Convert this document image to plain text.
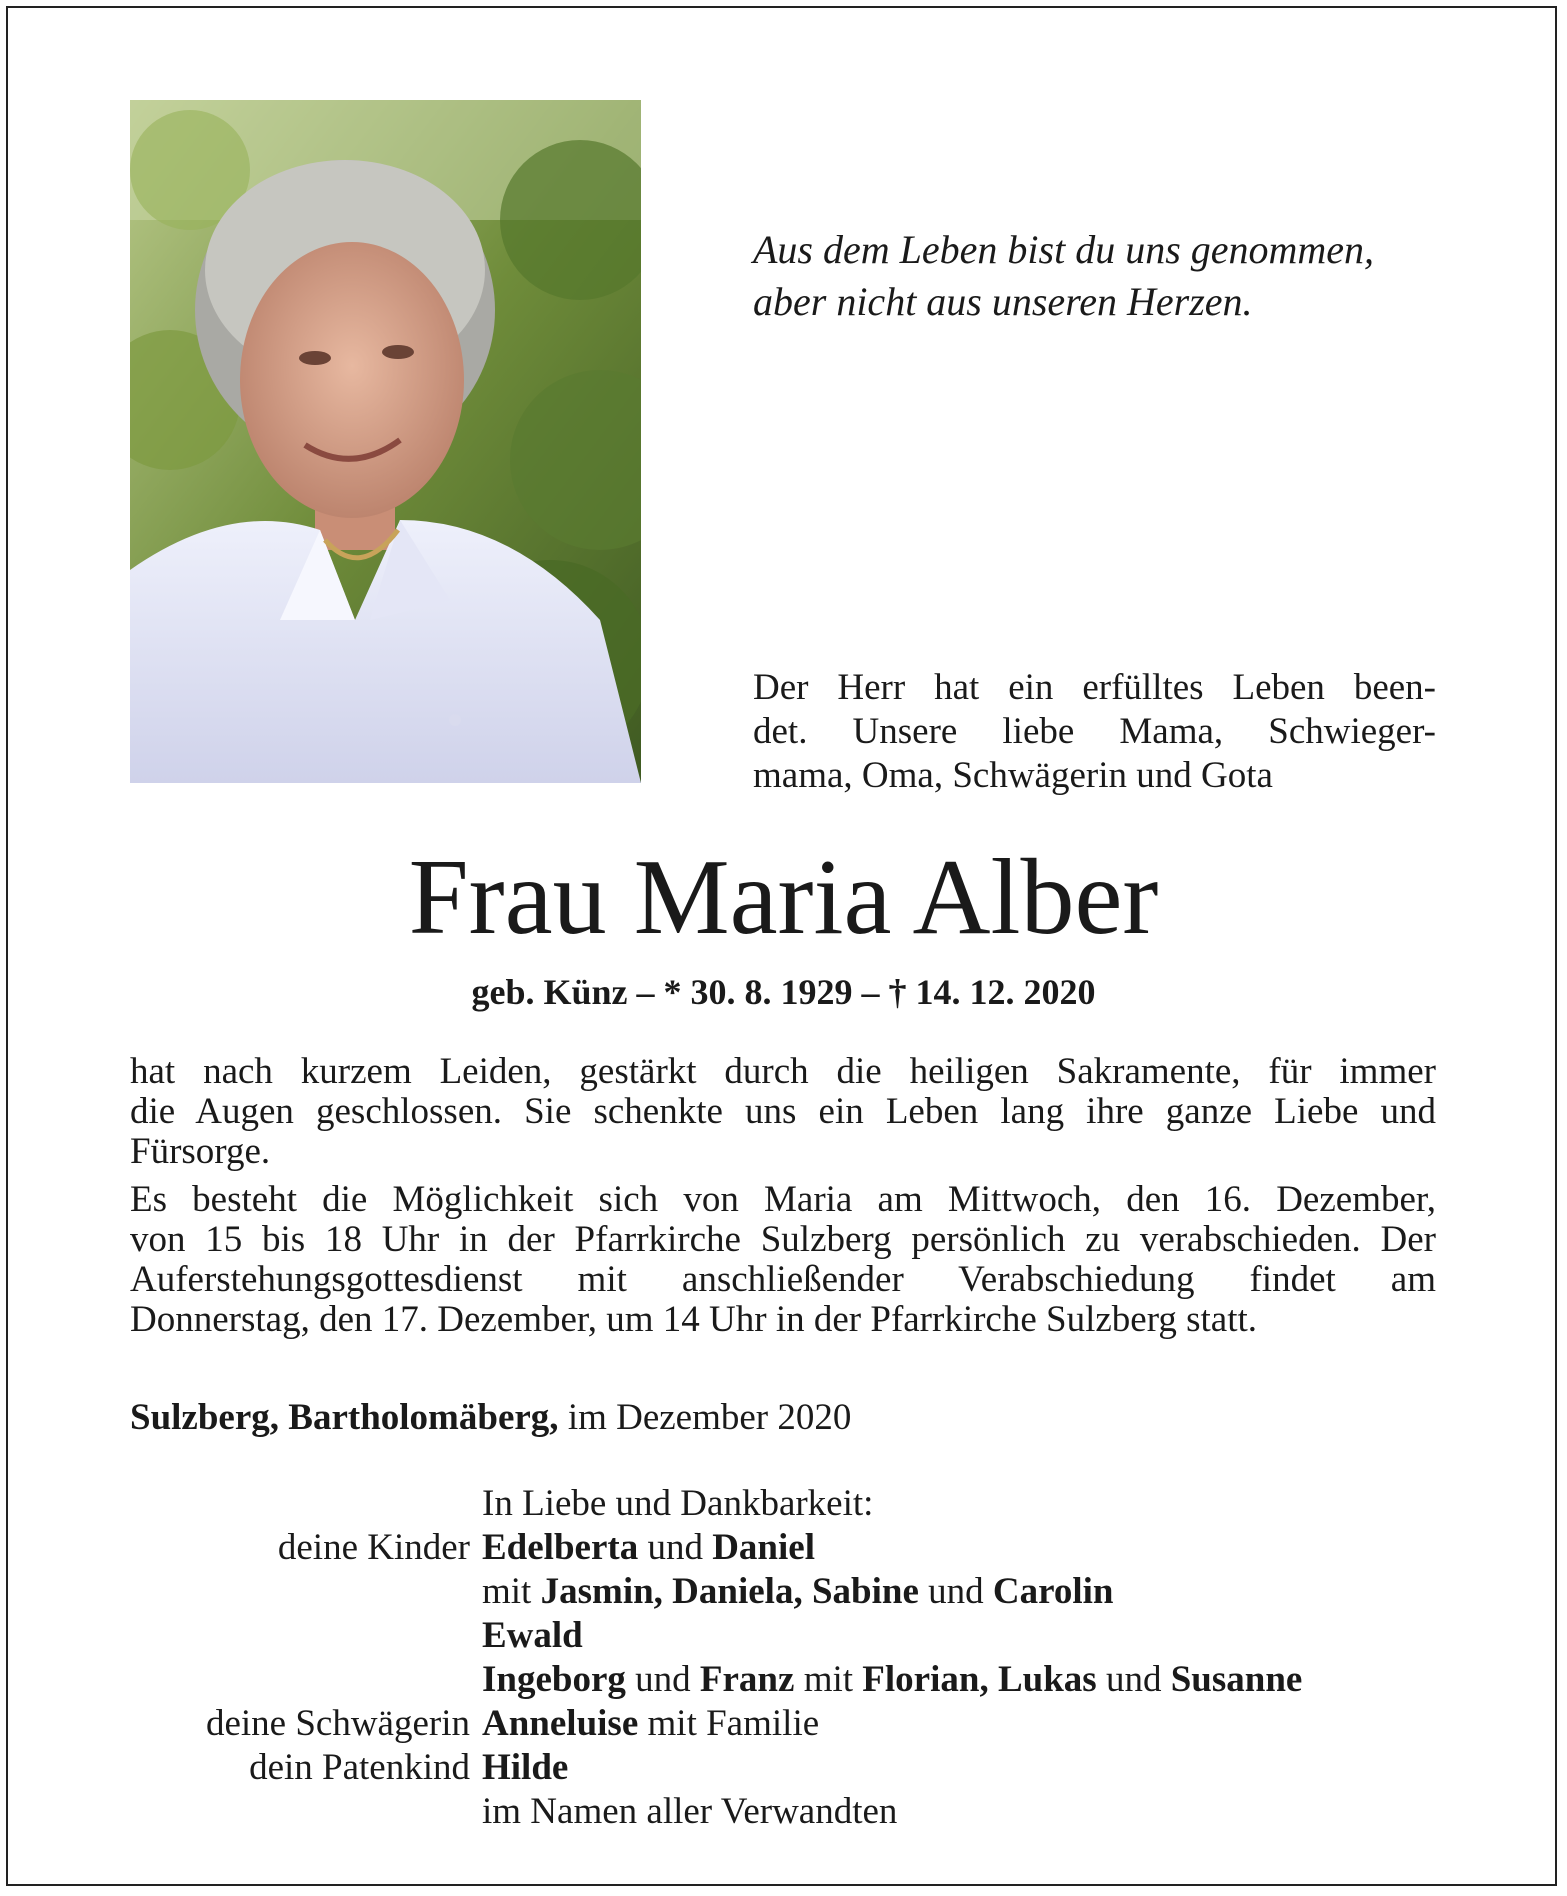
Aus dem Leben bist du uns genommen,
aber nicht aus unseren Herzen.
Der Herr hat ein erfülltes Leben been-
det. Unsere liebe Mama, Schwieger-
mama, Oma, Schwägerin und Gota
Frau Maria Alber
geb. Künz – * 30. 8. 1929 – † 14. 12. 2020

hat nach kurzem Leiden, gestärkt durch die heiligen Sakramente, für immer
die Augen geschlossen. Sie schenkte uns ein Leben lang ihre ganze Liebe und
Fürsorge.

Es besteht die Möglichkeit sich von Maria am Mittwoch, den 16. Dezember,
von 15 bis 18 Uhr in der Pfarrkirche Sulzberg persönlich zu verabschieden. Der
Auferstehungsgottesdienst mit anschließender Verabschiedung findet am
Donnerstag, den 17. Dezember, um 14 Uhr in der Pfarrkirche Sulzberg statt.

Sulzberg, Bartholomäberg, im Dezember 2020
In Liebe und Dankbarkeit:
deine Kinder Edelberta und Daniel
mit Jasmin, Daniela, Sabine und Carolin
Ewald
Ingeborg und Franz mit Florian, Lukas und Susanne
deine Schwägerin Anneluise mit Familie
dein Patenkind Hilde
im Namen aller Verwandten
